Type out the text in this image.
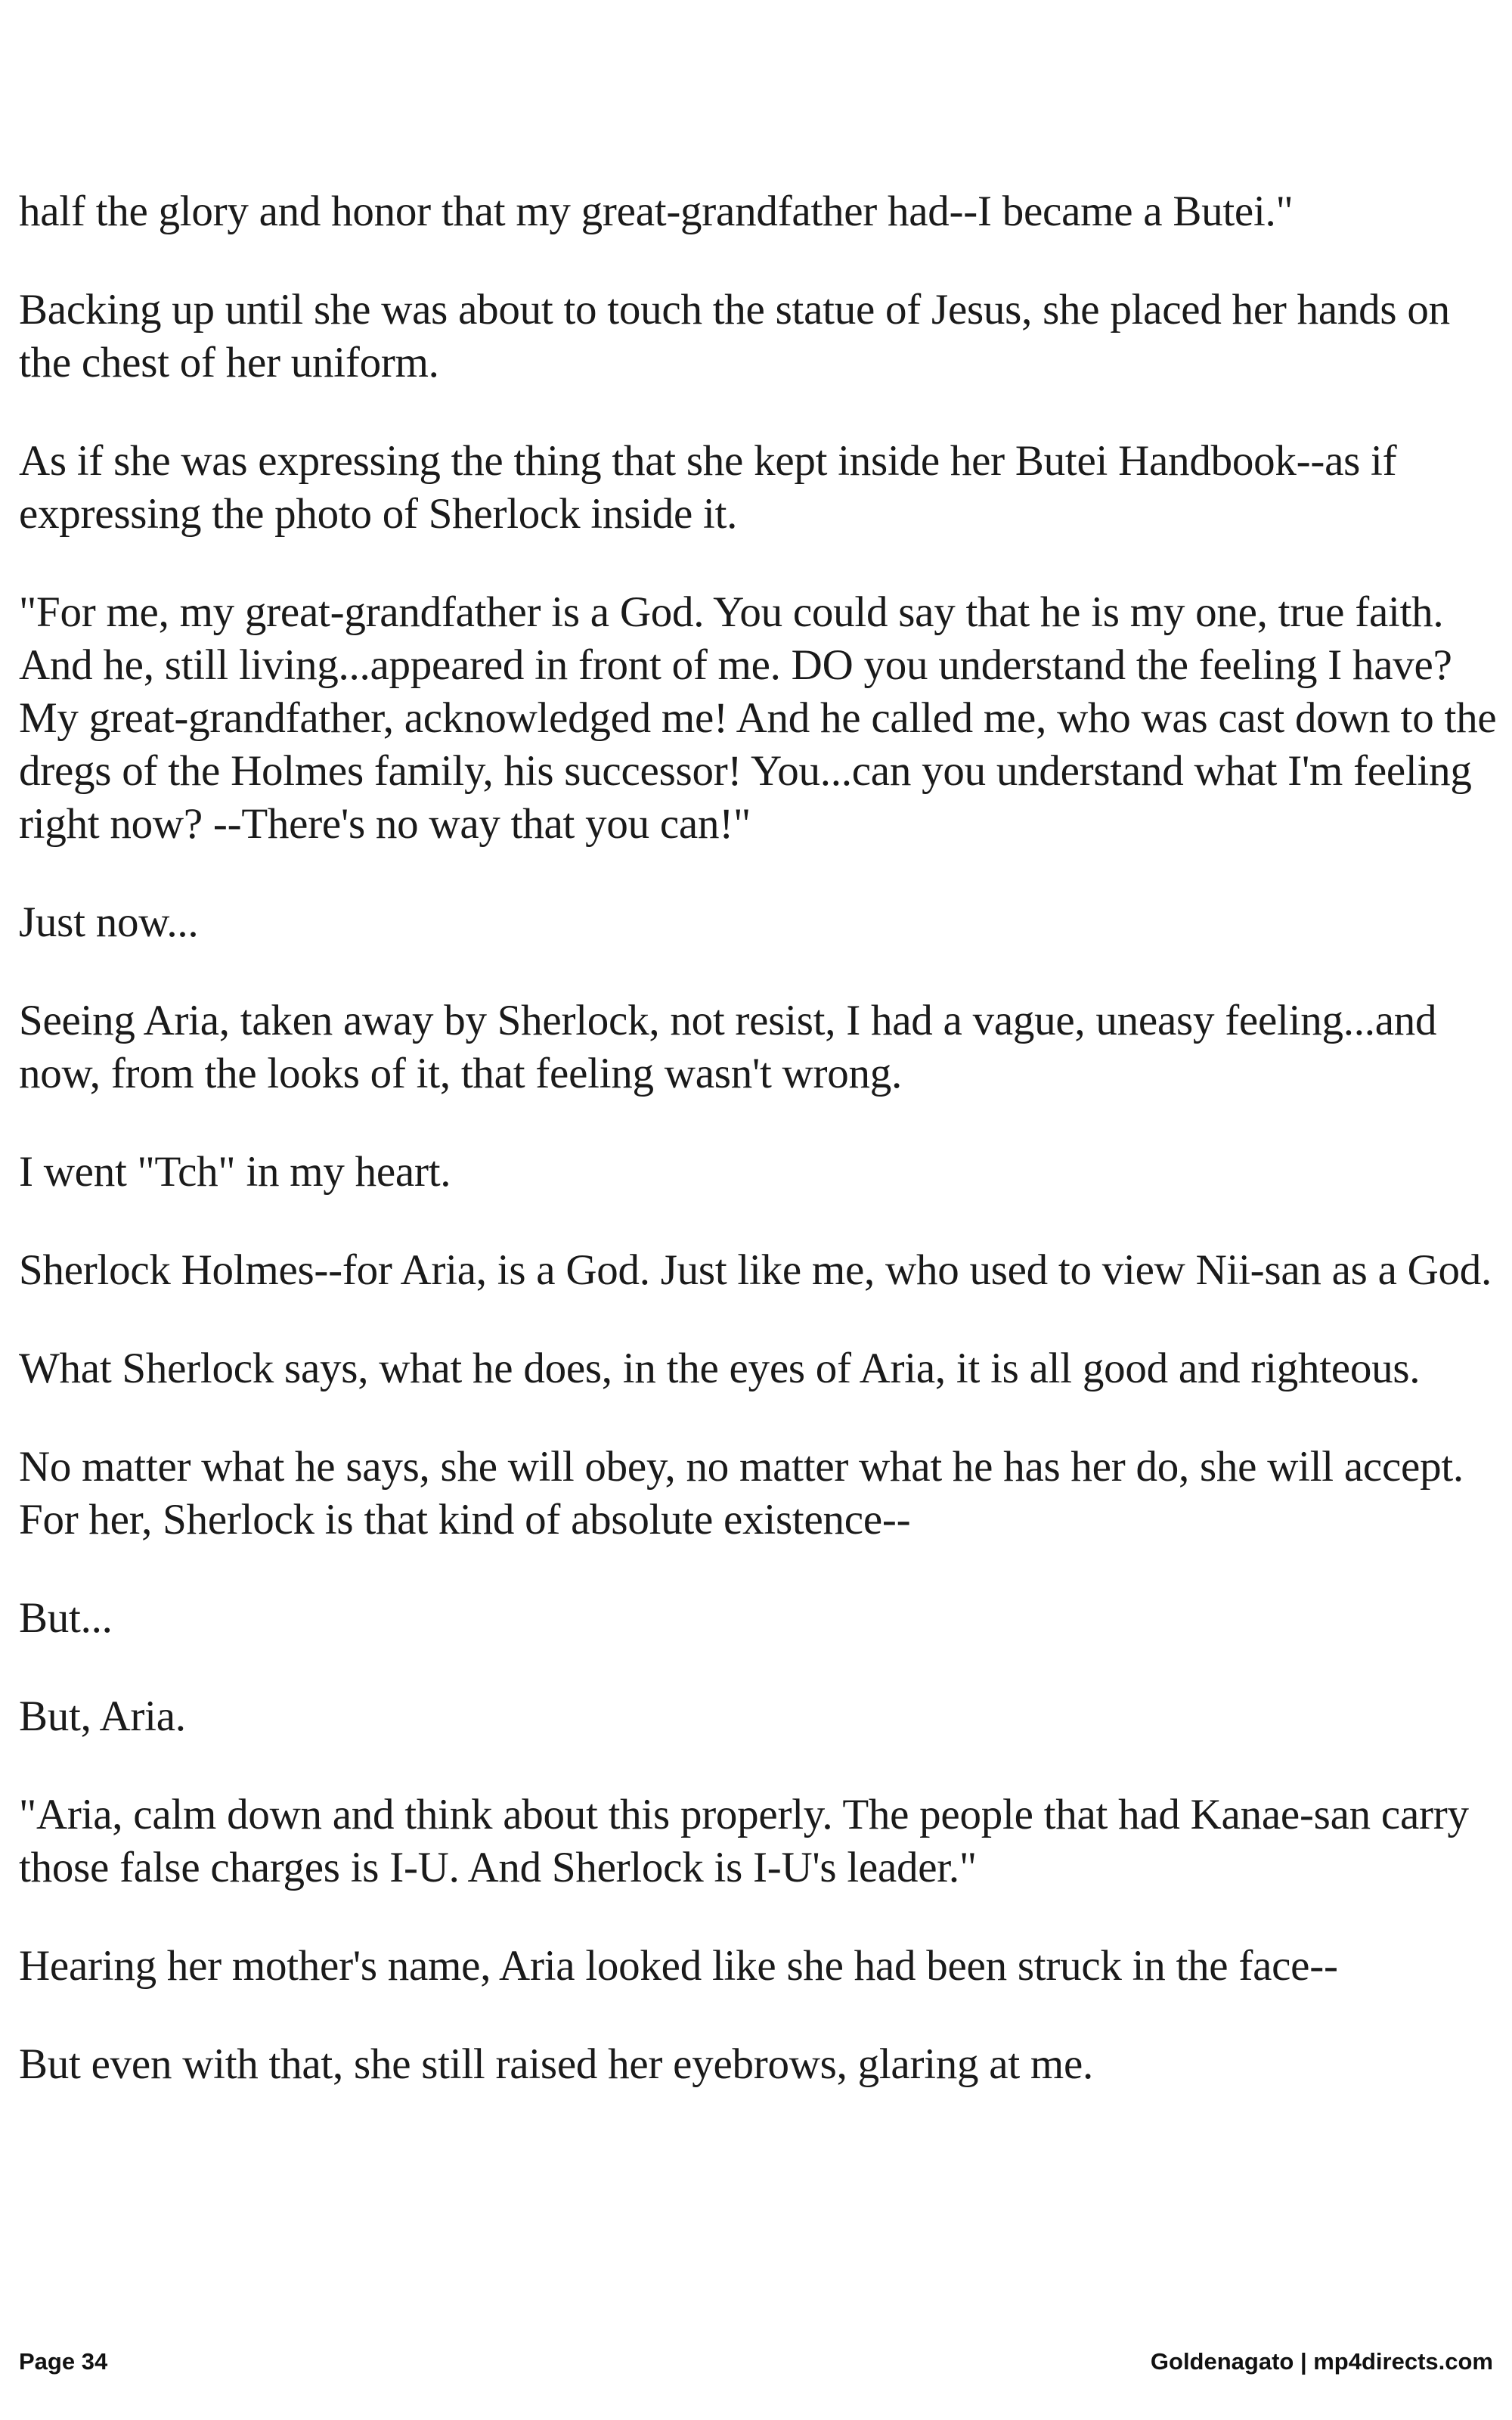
half the glory and honor that my great-grandfather had--I became a Butei."

Backing up until she was about to touch the statue of Jesus, she placed her hands on the chest of her uniform.

As if she was expressing the thing that she kept inside her Butei Handbook--as if expressing the photo of Sherlock inside it.

"For me, my great-grandfather is a God. You could say that he is my one, true faith. And he, still living...appeared in front of me. DO you understand the feeling I have? My great-grandfather, acknowledged me! And he called me, who was cast down to the dregs of the Holmes family, his successor! You...can you understand what I'm feeling right now? --There's no way that you can!"

Just now...

Seeing Aria, taken away by Sherlock, not resist, I had a vague, uneasy feeling...and now, from the looks of it, that feeling wasn't wrong.

I went "Tch" in my heart.

Sherlock Holmes--for Aria, is a God. Just like me, who used to view Nii-san as a God.

What Sherlock says, what he does, in the eyes of Aria, it is all good and righteous.

No matter what he says, she will obey, no matter what he has her do, she will accept. For her, Sherlock is that kind of absolute existence--

But...

But, Aria.

"Aria, calm down and think about this properly. The people that had Kanae-san carry those false charges is I-U. And Sherlock is I-U's leader."

Hearing her mother's name, Aria looked like she had been struck in the face--

But even with that, she still raised her eyebrows, glaring at me.

Page 34	Goldenagato | mp4directs.com
